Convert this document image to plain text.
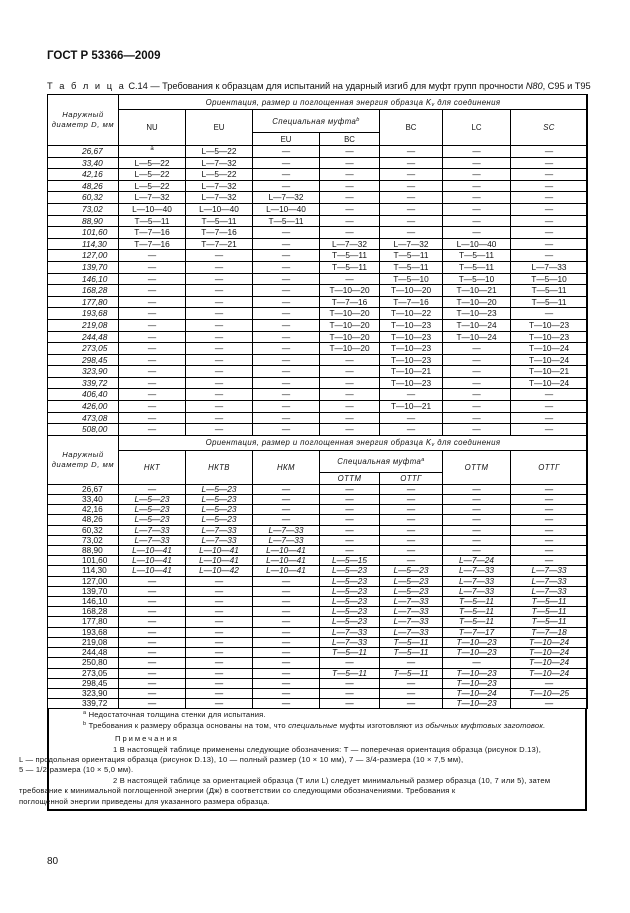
ГОСТ Р 53366—2009
Т а б л и ц а C.14 — Требования к образцам для испытаний на ударный изгиб для муфт групп прочности N80, C95 и T95
Наружный диаметр D, мм	Ориентация, размер и поглощенная энергия образца $K_v$ для соединения						
	NU	EU	Специальная муфта$^b$		BC	LC	SC
			EU	BC			
26,67	a	L—5—22	—	—	—	—	—
33,40	L—5—22	L—7—32	—	—	—	—	—
42,16	L—5—22	L—5—22	—	—	—	—	—
48,26	L—5—22	L—7—32	—	—	—	—	—
60,32	L—7—32	L—7—32	L—7—32	—	—	—	—
73,02	L—10—40	L—10—40	L—10—40	—	—	—	—
88,90	T—5—11	T—5—11	T—5—11	—	—	—	—
101,60	T—7—16	T—7—16	—	—	—	—	—
114,30	T—7—16	T—7—21	—	L—7—32	L—7—32	L—10—40	—
127,00	—	—	—	T—5—11	T—5—11	T—5—11	—
139,70	—	—	—	T—5—11	T—5—11	T—5—11	L—7—33
146,10	—	—	—	—	T—5—10	T—5—10	T—5—10
168,28	—	—	—	T—10—20	T—10—20	T—10—21	T—5—11
177,80	—	—	—	T—7—16	T—7—16	T—10—20	T—5—11
193,68	—	—	—	T—10—20	T—10—22	T—10—23	—
219,08	—	—	—	T—10—20	T—10—23	T—10—24	T—10—23
244,48	—	—	—	T—10—20	T—10—23	T—10—24	T—10—23
273,05	—	—	—	T—10—20	T—10—23	—	T—10—24
298,45	—	—	—	—	T—10—23	—	T—10—24
323,90	—	—	—	—	T—10—21	—	T—10—21
339,72	—	—	—	—	T—10—23	—	T—10—24
406,40	—	—	—	—	—	—	—
426,00	—	—	—	—	T—10—21	—	—
473,08	—	—	—	—	—	—	—
508,00	—	—	—	—	—	—	—
Наружный диаметр D, мм	Ориентация, размер и поглощенная энергия образца $K_v$ для соединения						
	НКТ	НКТВ	НКМ	Специальная муфта$^a$		ОТТМ	ОТТГ
				ОТТМ	ОТТГ		
26,67	—	L—5—23	—	—	—	—	—
33,40	L—5—23	L—5—23	—	—	—	—	—
42,16	L—5—23	L—5—23	—	—	—	—	—
48,26	L—5—23	L—5—23	—	—	—	—	—
60,32	L—7—33	L—7—33	L—7—33	—	—	—	—
73,02	L—7—33	L—7—33	L—7—33	—	—	—	—
88,90	L—10—41	L—10—41	L—10—41	—	—	—	—
101,60	L—10—41	L—10—41	L—10—41	L—5—15	—	L—7—24	—
114,30	L—10—41	L—10—42	L—10—41	L—5—23	L—5—23	L—7—33	L—7—33
127,00	—	—	—	L—5—23	L—5—23	L—7—33	L—7—33
139,70	—	—	—	L—5—23	L—5—23	L—7—33	L—7—33
146,10	—	—	—	L—5—23	L—7—33	T—5—11	T—5—11
168,28	—	—	—	L—5—23	L—7—33	T—5—11	T—5—11
177,80	—	—	—	L—5—23	L—7—33	T—5—11	T—5—11
193,68	—	—	—	L—7—33	L—7—33	T—7—17	T—7—18
219,08	—	—	—	L—7—33	T—5—11	T—10—23	T—10—24
244,48	—	—	—	T—5—11	T—5—11	T—10—23	T—10—24
250,80	—	—	—	—	—	—	T—10—24
273,05	—	—	—	T—5—11	T—5—11	T—10—23	T—10—24
298,45	—	—	—	—	—	T—10—23	—
323,90	—	—	—	—	—	T—10—24	T—10—25
339,72	—	—	—	—	—	T—10—23	—

$^a$ Недостаточная толщина стенки для испытания.

$^b$ Требования к размеру образца основаны на том, что специальные муфты изготовляют из обычных муфтовых заготовок.

Примечания

1 В настоящей таблице применены следующие обозначения: T — поперечная ориентация образца (рисунок D.13),
L — продольная ориентация образца (рисунок D.13), 10 — полный размер (10 × 10 мм), 7 — 3/4-размера (10 × 7,5 мм),
5 — 1/2-размера (10 × 5,0 мм).

2 В настоящей таблице за ориентацией образца (T или L) следует минимальный размер образца (10, 7 или 5), затем
требование к минимальной поглощенной энергии (Дж) в соответствии со следующими обозначениями. Требования к
поглощенной энергии приведены для указанного размера образца.

80
